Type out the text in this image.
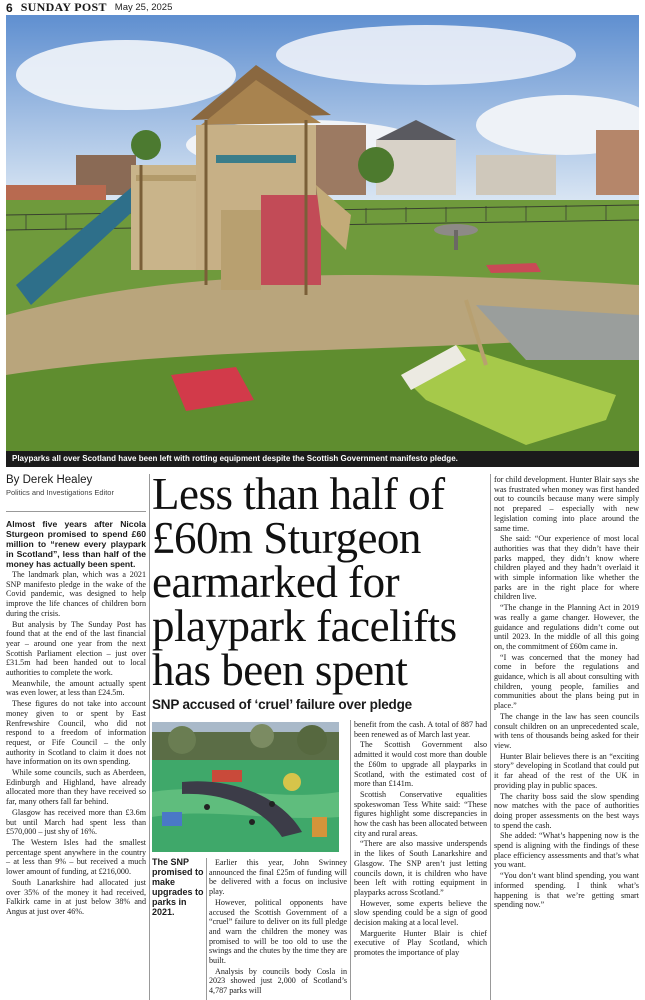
6 SUNDAY POST May 25, 2025
Playparks all over Scotland have been left with rotting equipment despite the Scottish Government manifesto pledge.
By Derek Healey
Politics and Investigations Editor Less than half of £60m Sturgeon earmarked for playpark facelifts has been spent
SNP accused of ‘cruel’ failure over pledge
The SNP promised to make upgrades to parks in 2021.

Almost five years after Nicola Sturgeon promised to spend £60 million to “renew every playpark in Scotland”, less than half of the money has actually been spent.

The landmark plan, which was a 2021 SNP manifesto pledge in the wake of the Covid pandemic, was designed to help improve the life chances of children born during the crisis.

But analysis by The Sunday Post has found that at the end of the last financial year – around one year from the next Scottish Parliament election – just over £31.5m had been handed out to local authorities to complete the work.

Meanwhile, the amount actually spent was even lower, at less than £24.5m.

These figures do not take into account money given to or spent by East Renfrewshire Council, who did not respond to a freedom of information request, or Fife Council – the only authority in Scotland to claim it does not have information on its own spending.

While some councils, such as Aberdeen, Edinburgh and Highland, have already allocated more than they have received so far, many others fall far behind.

Glasgow has received more than £3.6m but until March had spent less than £570,000 – just shy of 16%.

The Western Isles had the smallest percentage spent anywhere in the country – at less than 9% – but received a much lower amount of funding, at £216,000.

South Lanarkshire had allocated just over 35% of the money it had received, Falkirk came in at just below 38% and Angus at just over 46%.

Earlier this year, John Swinney announced the final £25m of funding will be delivered with a focus on inclusive play.

However, political opponents have accused the Scottish Government of a “cruel” failure to deliver on its full pledge and warn the children the money was promised to will be too old to use the swings and the chutes by the time they are built.

Analysis by councils body Cosla in 2023 showed just 2,000 of Scotland’s 4,787 parks will

benefit from the cash. A total of 887 had been renewed as of March last year.

The Scottish Government also admitted it would cost more than double the £60m to upgrade all playparks in Scotland, with the estimated cost of more than £141m.

Scottish Conservative equalities spokeswoman Tess White said: “These figures highlight some discrepancies in how the cash has been allocated between city and rural areas.

“There are also massive underspends in the likes of South Lanarkshire and Glasgow. The SNP aren’t just letting councils down, it is children who have been left with rotting equipment in playparks across Scotland.”

However, some experts believe the slow spending could be a sign of good decision making at a local level.

Marguerite Hunter Blair is chief executive of Play Scotland, which promotes the importance of play

for child development. Hunter Blair says she was frustrated when money was first handed out to councils because many were simply not prepared – especially with new legislation coming into place around the same time.

She said: “Our experience of most local authorities was that they didn’t have their parks mapped, they didn’t know where children played and they hadn’t overlaid it with simple information like whether the parks are in the right place for where children live.

“The change in the Planning Act in 2019 was really a game changer. However, the guidance and regulations didn’t come out until 2023. In the middle of all this going on, the commitment of £60m came in.

“I was concerned that the money had come in before the regulations and guidance, which is all about consulting with children, young people, families and communities about the plans being put in place.”

The change in the law has seen councils consult children on an unprecedented scale, with tens of thousands being asked for their view.

Hunter Blair believes there is an “exciting story” developing in Scotland that could put it far ahead of the rest of the UK in providing play in public spaces.

The charity boss said the slow spending now matches with the pace of authorities doing proper assessments on the best ways to spend the cash.

She added: “What’s happening now is the spend is aligning with the findings of these place efficiency assessments and that’s what you want.

“You don’t want blind spending, you want informed spending. I think what’s happening is that we’re getting smart spending now.”
